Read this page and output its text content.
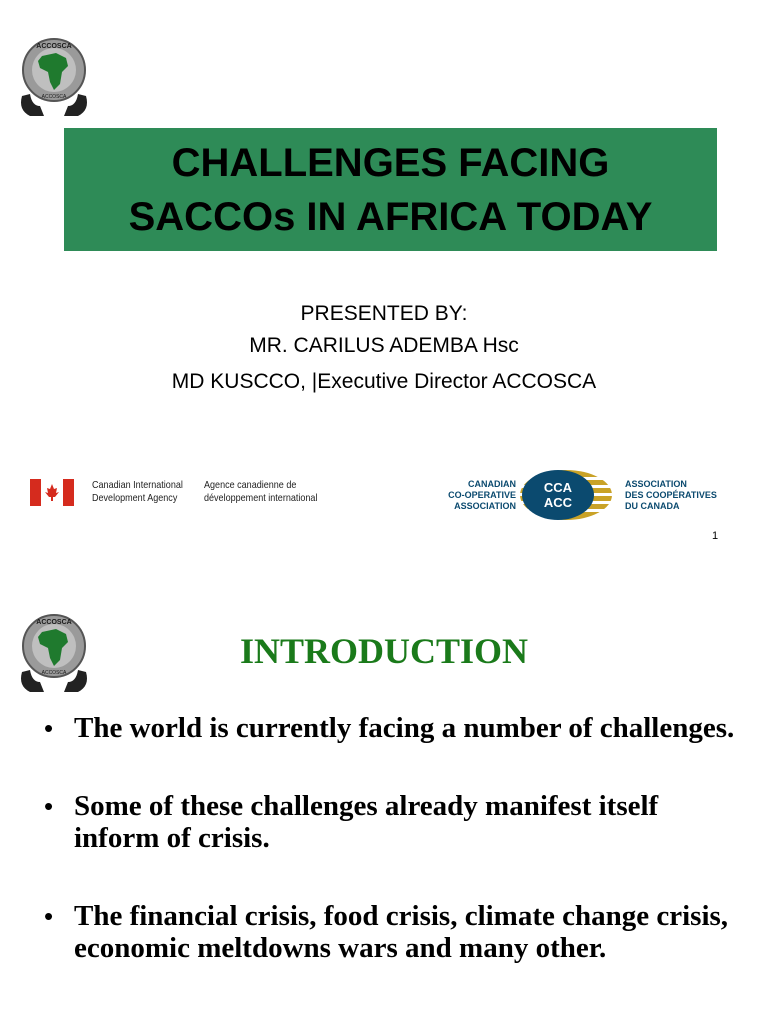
ACCOSCA
ACCOSCA
CHALLENGES FACING
SACCOs IN AFRICA TODAY
PRESENTED BY:
MR. CARILUS ADEMBA Hsc
MD KUSCCO, |Executive Director ACCOSCA
Canadian International
Development Agency
Agence canadienne de
développement international
CANADIAN
CO-OPERATIVE
ASSOCIATION
CCA
ACC
ASSOCIATION
DES COOPÉRATIVES
DU CANADA
1
ACCOSCA
ACCOSCA
INTRODUCTION
• The world is currently facing a number of challenges.
• Some of these challenges already manifest itself inform of crisis.
• The financial crisis, food crisis, climate change crisis, economic meltdowns wars and many other.
